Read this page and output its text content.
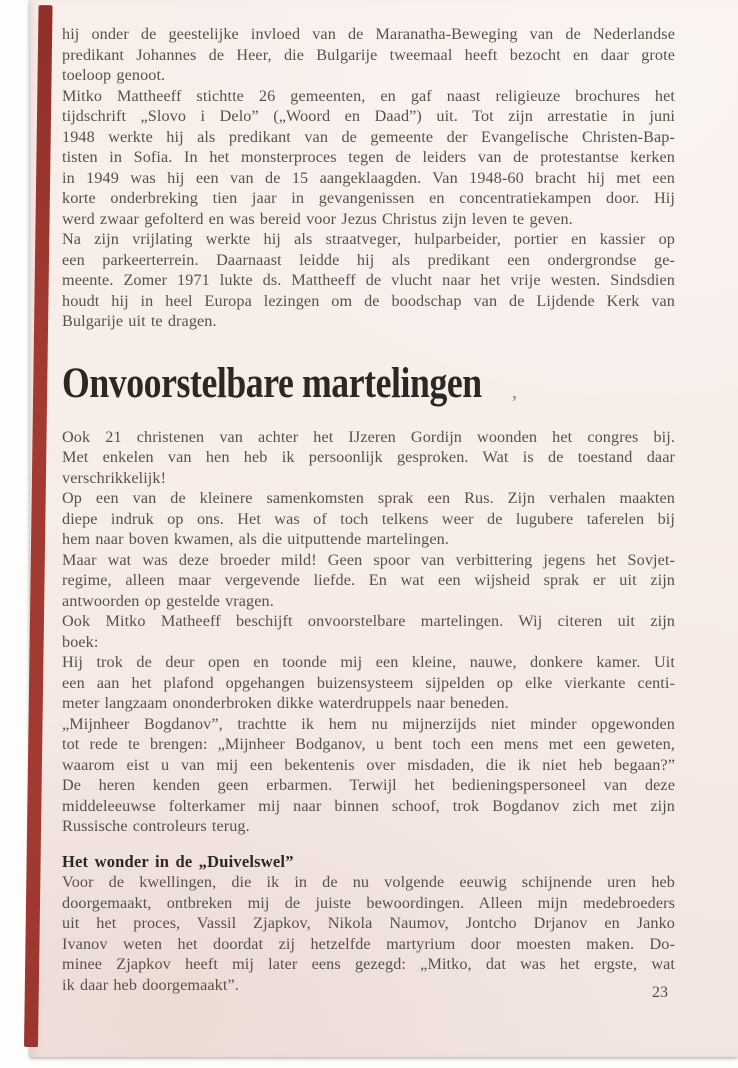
hij onder de geestelijke invloed van de Maranatha-Beweging van de Nederlandse
predikant Johannes de Heer, die Bulgarije tweemaal heeft bezocht en daar grote
toeloop genoot.
Mitko Mattheeff stichtte 26 gemeenten, en gaf naast religieuze brochures het
tijdschrift „Slovo i Delo” („Woord en Daad”) uit. Tot zijn arrestatie in juni
1948 werkte hij als predikant van de gemeente der Evangelische Christen-Bap-
tisten in Sofia. In het monsterproces tegen de leiders van de protestantse kerken
in 1949 was hij een van de 15 aangeklaagden. Van 1948-60 bracht hij met een
korte onderbreking tien jaar in gevangenissen en concentratiekampen door. Hij
werd zwaar gefolterd en was bereid voor Jezus Christus zijn leven te geven.
Na zijn vrijlating werkte hij als straatveger, hulparbeider, portier en kassier op
een parkeerterrein. Daarnaast leidde hij als predikant een ondergrondse ge-
meente. Zomer 1971 lukte ds. Mattheeff de vlucht naar het vrije westen. Sindsdien
houdt hij in heel Europa lezingen om de boodschap van de Lijdende Kerk van
Bulgarije uit te dragen.
Onvoorstelbare martelingen ,
Ook 21 christenen van achter het IJzeren Gordijn woonden het congres bij.
Met enkelen van hen heb ik persoonlijk gesproken. Wat is de toestand daar
verschrikkelijk!
Op een van de kleinere samenkomsten sprak een Rus. Zijn verhalen maakten
diepe indruk op ons. Het was of toch telkens weer de lugubere taferelen bij
hem naar boven kwamen, als die uitputtende martelingen.
Maar wat was deze broeder mild! Geen spoor van verbittering jegens het Sovjet-
regime, alleen maar vergevende liefde. En wat een wijsheid sprak er uit zijn
antwoorden op gestelde vragen.
Ook Mitko Matheeff beschijft onvoorstelbare martelingen. Wij citeren uit zijn
boek:
Hij trok de deur open en toonde mij een kleine, nauwe, donkere kamer. Uit
een aan het plafond opgehangen buizensysteem sijpelden op elke vierkante centi-
meter langzaam ononderbroken dikke waterdruppels naar beneden.
„Mijnheer Bogdanov”, trachtte ik hem nu mijnerzijds niet minder opgewonden
tot rede te brengen: „Mijnheer Bodganov, u bent toch een mens met een geweten,
waarom eist u van mij een bekentenis over misdaden, die ik niet heb begaan?”
De heren kenden geen erbarmen. Terwijl het bedieningspersoneel van deze
middeleeuwse folterkamer mij naar binnen schoof, trok Bogdanov zich met zijn
Russische controleurs terug.
Het wonder in de „Duivelswel”
Voor de kwellingen, die ik in de nu volgende eeuwig schijnende uren heb
doorgemaakt, ontbreken mij de juiste bewoordingen. Alleen mijn medebroeders
uit het proces, Vassil Zjapkov, Nikola Naumov, Jontcho Drjanov en Janko
Ivanov weten het doordat zij hetzelfde martyrium door moesten maken. Do-
minee Zjapkov heeft mij later eens gezegd: „Mitko, dat was het ergste, wat
ik daar heb doorgemaakt”.	23
